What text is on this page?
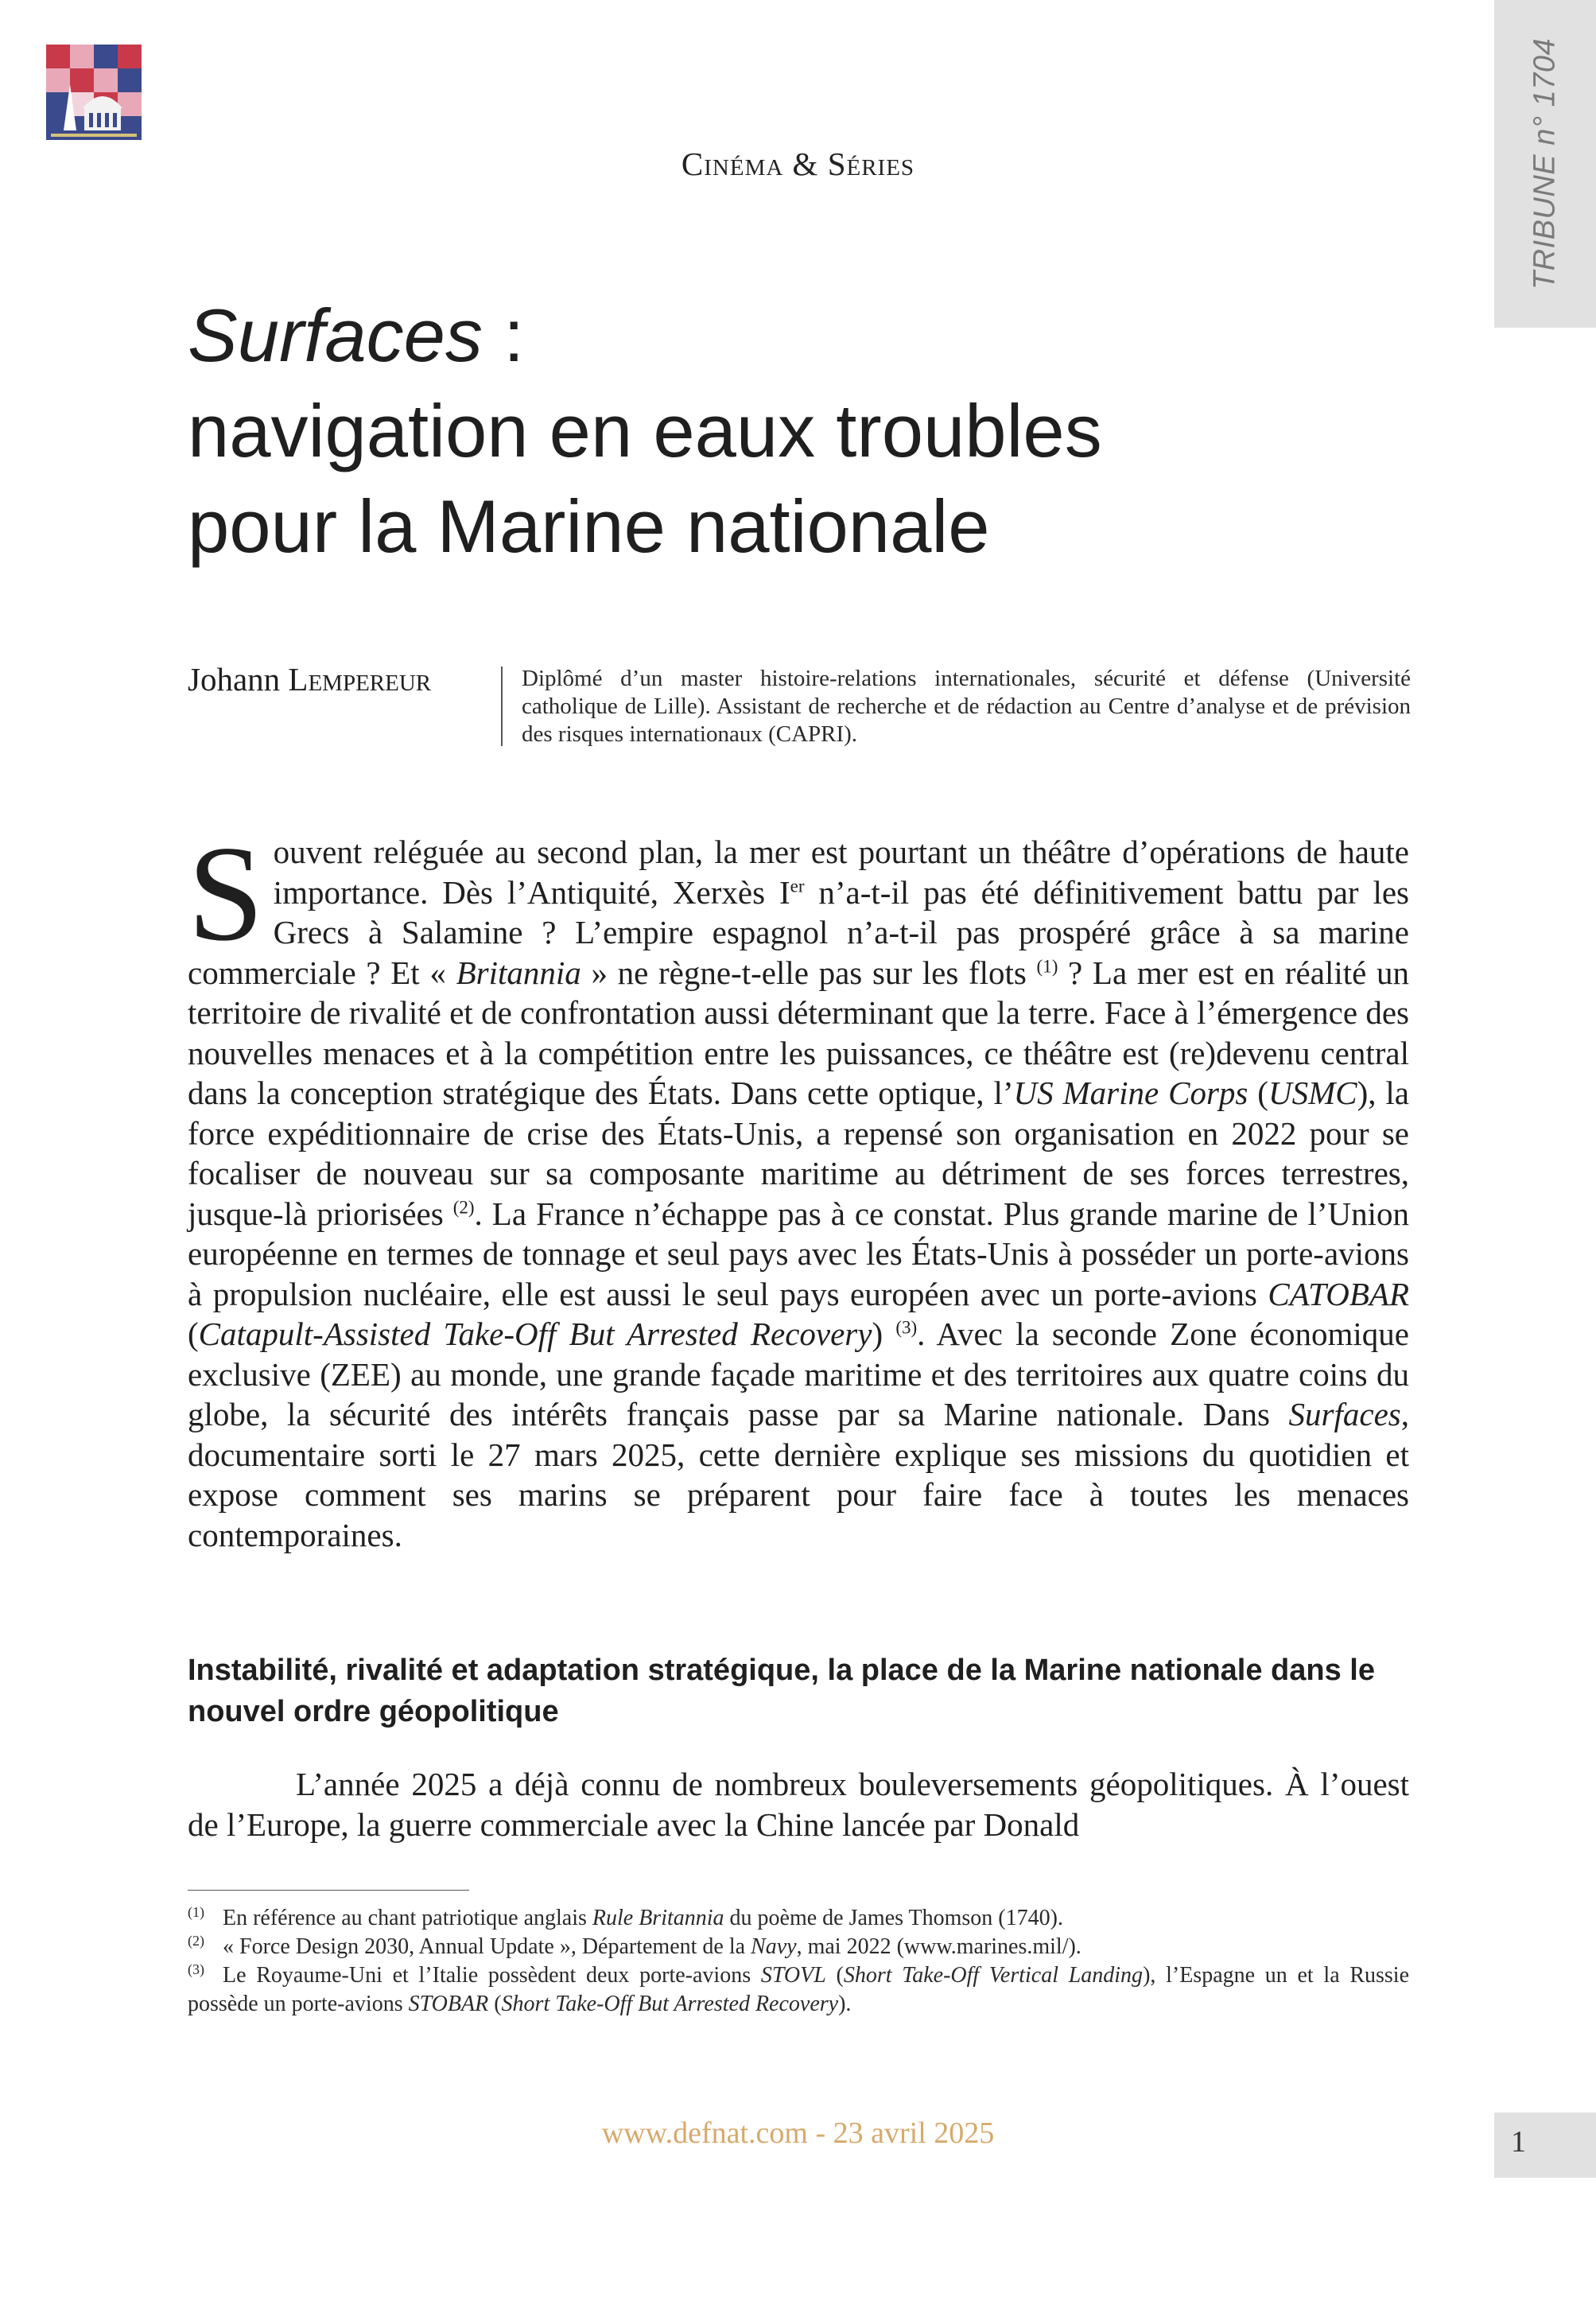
TRIBUNE n° 1704
Cinéma & Séries
Surfaces :
navigation en eaux troubles
pour la Marine nationale
Johann Lempereur	Diplômé d’un master histoire-relations internationales, sécurité et défense (Université catholique de Lille). Assistant de recherche et de rédaction au Centre d’analyse et de prévision des risques internationaux (CAPRI).

Souvent reléguée au second plan, la mer est pourtant un théâtre d’opérations de haute importance. Dès l’Antiquité, Xerxès Ier n’a-t-il pas été définitivement battu par les Grecs à Salamine ? L’empire espagnol n’a-t-il pas prospéré grâce à sa marine commerciale ? Et « Britannia » ne règne-t-elle pas sur les flots $^{(1)}$ ? La mer est en réalité un territoire de rivalité et de confrontation aussi déterminant que la terre. Face à l’émergence des nouvelles menaces et à la compétition entre les puissances, ce théâtre est (re)devenu central dans la conception stratégique des États. Dans cette optique, l’US Marine Corps (USMC), la force expéditionnaire de crise des États-Unis, a repensé son organisation en 2022 pour se focaliser de nouveau sur sa composante maritime au détriment de ses forces terrestres, jusque-là priorisées $^{(2)}$. La France n’échappe pas à ce constat. Plus grande marine de l’Union européenne en termes de tonnage et seul pays avec les États-Unis à posséder un porte-avions à propulsion nucléaire, elle est aussi le seul pays européen avec un porte-avions CATOBAR (Catapult-Assisted Take-Off But Arrested Recovery) $^{(3)}$. Avec la seconde Zone économique exclusive (ZEE) au monde, une grande façade maritime et des territoires aux quatre coins du globe, la sécurité des intérêts français passe par sa Marine nationale. Dans Surfaces, documentaire sorti le 27 mars 2025, cette dernière explique ses missions du quotidien et expose comment ses marins se préparent pour faire face à toutes les menaces contemporaines.

Instabilité, rivalité et adaptation stratégique, la place de la Marine nationale dans le nouvel ordre géopolitique

L’année 2025 a déjà connu de nombreux bouleversements géopolitiques. À l’ouest de l’Europe, la guerre commerciale avec la Chine lancée par Donald

(1) En référence au chant patriotique anglais Rule Britannia du poème de James Thomson (1740).

(2) « Force Design 2030, Annual Update », Département de la Navy, mai 2022 (www.marines.mil/).

(3) Le Royaume-Uni et l’Italie possèdent deux porte-avions STOVL (Short Take-Off Vertical Landing), l’Espagne un et la Russie possède un porte-avions STOBAR (Short Take-Off But Arrested Recovery).

www.defnat.com - 23 avril 2025	1
